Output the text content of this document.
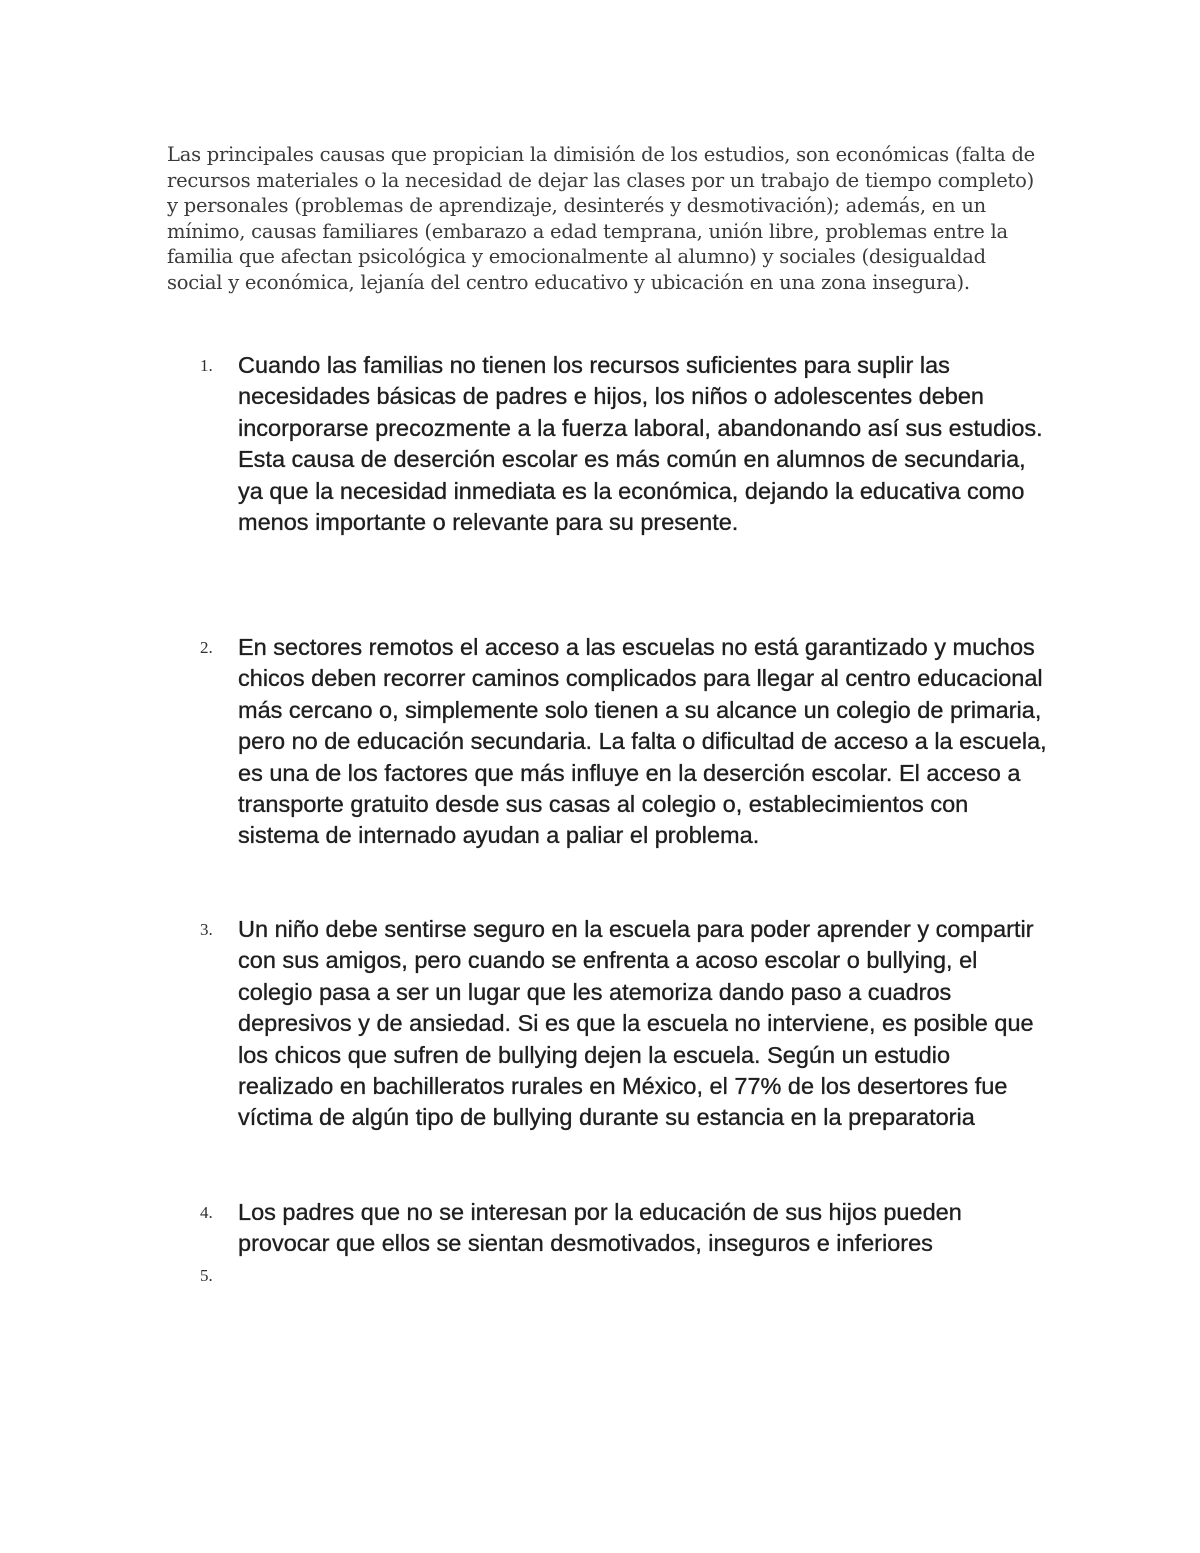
Las principales causas que propician la dimisión de los estudios, son económicas (falta de recursos materiales o la necesidad de dejar las clases por un trabajo de tiempo completo) y personales (problemas de aprendizaje, desinterés y desmotivación); además, en un mínimo, causas familiares (embarazo a edad temprana, unión libre, problemas entre la familia que afectan psicológica y emocionalmente al alumno) y sociales (desigualdad social y económica, lejanía del centro educativo y ubicación en una zona insegura).

1. Cuando las familias no tienen los recursos suficientes para suplir las necesidades básicas de padres e hijos, los niños o adolescentes deben incorporarse precozmente a la fuerza laboral, abandonando así sus estudios. Esta causa de deserción escolar es más común en alumnos de secundaria, ya que la necesidad inmediata es la económica, dejando la educativa como menos importante o relevante para su presente.

2. En sectores remotos el acceso a las escuelas no está garantizado y muchos chicos deben recorrer caminos complicados para llegar al centro educacional más cercano o, simplemente solo tienen a su alcance un colegio de primaria, pero no de educación secundaria. La falta o dificultad de acceso a la escuela, es una de los factores que más influye en la deserción escolar. El acceso a transporte gratuito desde sus casas al colegio o, establecimientos con sistema de internado ayudan a paliar el problema.

3. Un niño debe sentirse seguro en la escuela para poder aprender y compartir con sus amigos, pero cuando se enfrenta a acoso escolar o bullying, el colegio pasa a ser un lugar que les atemoriza dando paso a cuadros depresivos y de ansiedad. Si es que la escuela no interviene, es posible que los chicos que sufren de bullying dejen la escuela. Según un estudio realizado en bachilleratos rurales en México, el 77% de los desertores fue víctima de algún tipo de bullying durante su estancia en la preparatoria

4. Los padres que no se interesan por la educación de sus hijos pueden provocar que ellos se sientan desmotivados, inseguros e inferiores

5.
